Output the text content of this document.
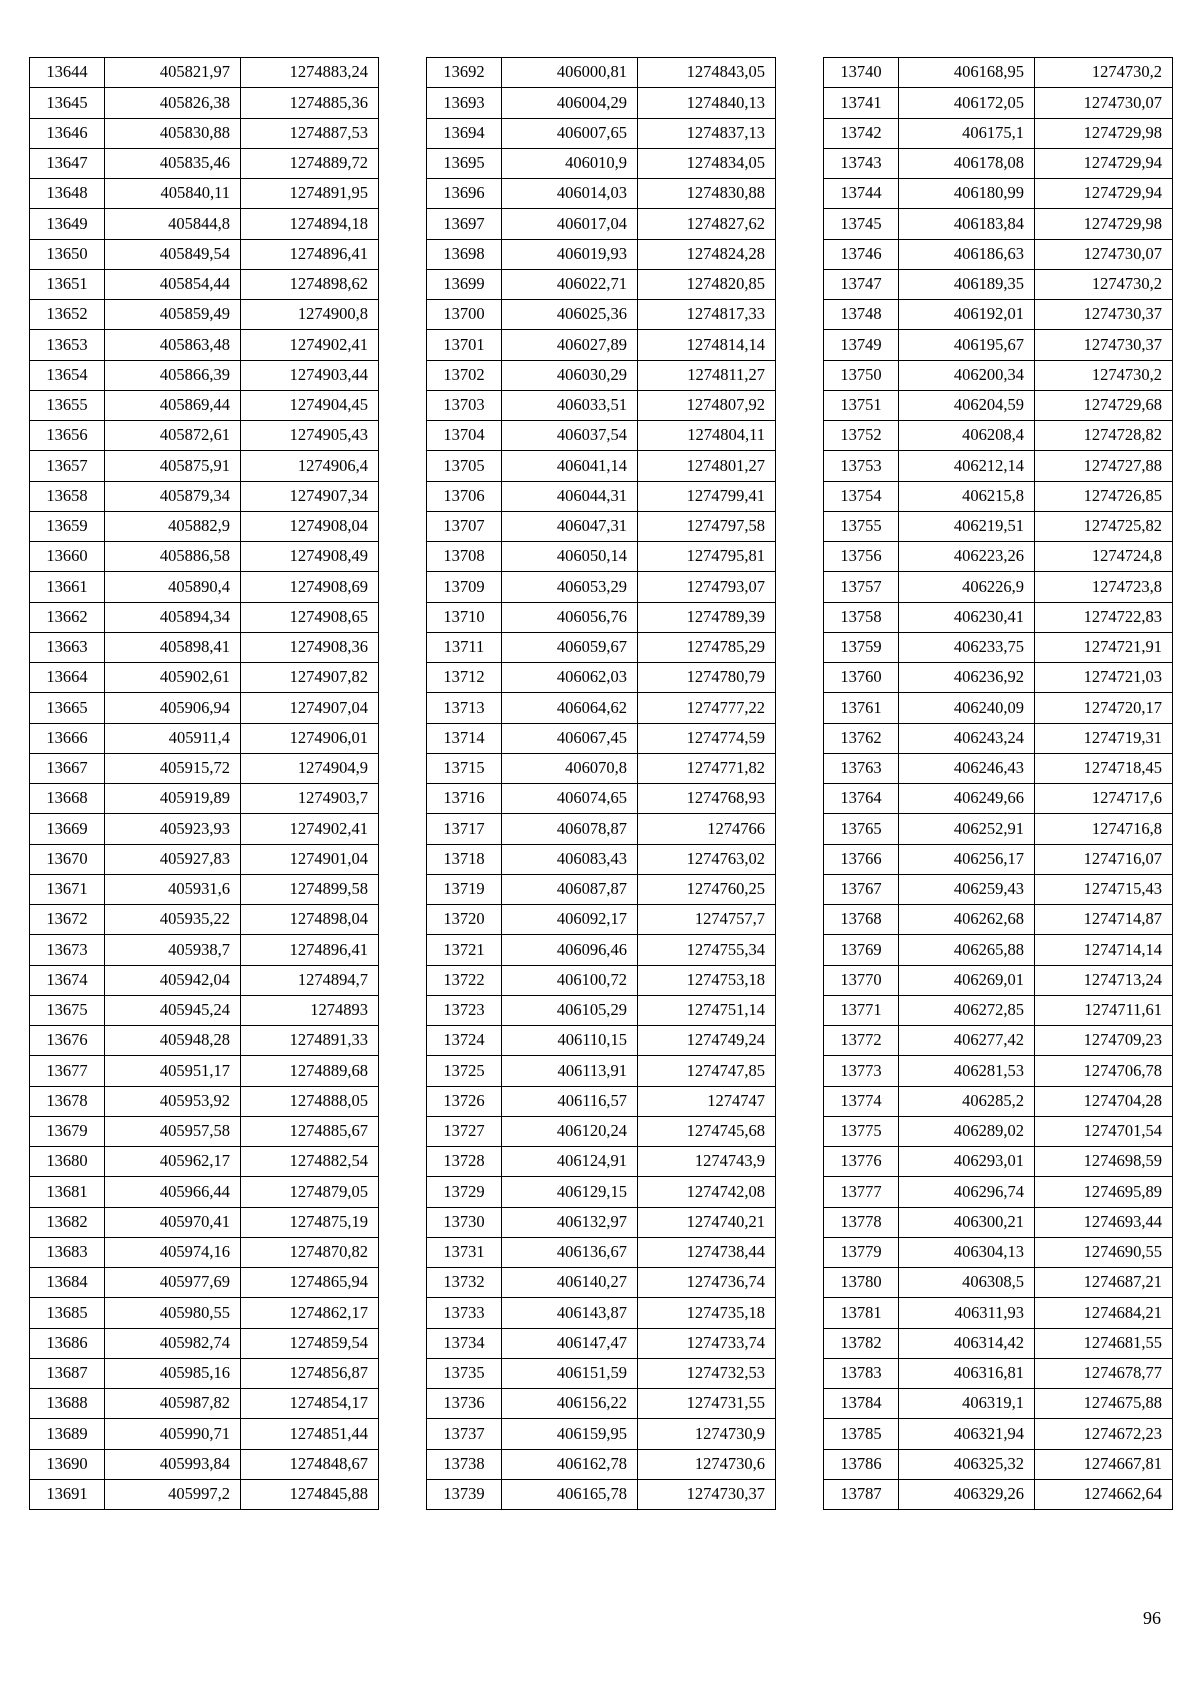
13644	405821,97	1274883,24
13645	405826,38	1274885,36
13646	405830,88	1274887,53
13647	405835,46	1274889,72
13648	405840,11	1274891,95
13649	405844,8	1274894,18
13650	405849,54	1274896,41
13651	405854,44	1274898,62
13652	405859,49	1274900,8
13653	405863,48	1274902,41
13654	405866,39	1274903,44
13655	405869,44	1274904,45
13656	405872,61	1274905,43
13657	405875,91	1274906,4
13658	405879,34	1274907,34
13659	405882,9	1274908,04
13660	405886,58	1274908,49
13661	405890,4	1274908,69
13662	405894,34	1274908,65
13663	405898,41	1274908,36
13664	405902,61	1274907,82
13665	405906,94	1274907,04
13666	405911,4	1274906,01
13667	405915,72	1274904,9
13668	405919,89	1274903,7
13669	405923,93	1274902,41
13670	405927,83	1274901,04
13671	405931,6	1274899,58
13672	405935,22	1274898,04
13673	405938,7	1274896,41
13674	405942,04	1274894,7
13675	405945,24	1274893
13676	405948,28	1274891,33
13677	405951,17	1274889,68
13678	405953,92	1274888,05
13679	405957,58	1274885,67
13680	405962,17	1274882,54
13681	405966,44	1274879,05
13682	405970,41	1274875,19
13683	405974,16	1274870,82
13684	405977,69	1274865,94
13685	405980,55	1274862,17
13686	405982,74	1274859,54
13687	405985,16	1274856,87
13688	405987,82	1274854,17
13689	405990,71	1274851,44
13690	405993,84	1274848,67
13691	405997,2	1274845,88
13692	406000,81	1274843,05
13693	406004,29	1274840,13
13694	406007,65	1274837,13
13695	406010,9	1274834,05
13696	406014,03	1274830,88
13697	406017,04	1274827,62
13698	406019,93	1274824,28
13699	406022,71	1274820,85
13700	406025,36	1274817,33
13701	406027,89	1274814,14
13702	406030,29	1274811,27
13703	406033,51	1274807,92
13704	406037,54	1274804,11
13705	406041,14	1274801,27
13706	406044,31	1274799,41
13707	406047,31	1274797,58
13708	406050,14	1274795,81
13709	406053,29	1274793,07
13710	406056,76	1274789,39
13711	406059,67	1274785,29
13712	406062,03	1274780,79
13713	406064,62	1274777,22
13714	406067,45	1274774,59
13715	406070,8	1274771,82
13716	406074,65	1274768,93
13717	406078,87	1274766
13718	406083,43	1274763,02
13719	406087,87	1274760,25
13720	406092,17	1274757,7
13721	406096,46	1274755,34
13722	406100,72	1274753,18
13723	406105,29	1274751,14
13724	406110,15	1274749,24
13725	406113,91	1274747,85
13726	406116,57	1274747
13727	406120,24	1274745,68
13728	406124,91	1274743,9
13729	406129,15	1274742,08
13730	406132,97	1274740,21
13731	406136,67	1274738,44
13732	406140,27	1274736,74
13733	406143,87	1274735,18
13734	406147,47	1274733,74
13735	406151,59	1274732,53
13736	406156,22	1274731,55
13737	406159,95	1274730,9
13738	406162,78	1274730,6
13739	406165,78	1274730,37
13740	406168,95	1274730,2
13741	406172,05	1274730,07
13742	406175,1	1274729,98
13743	406178,08	1274729,94
13744	406180,99	1274729,94
13745	406183,84	1274729,98
13746	406186,63	1274730,07
13747	406189,35	1274730,2
13748	406192,01	1274730,37
13749	406195,67	1274730,37
13750	406200,34	1274730,2
13751	406204,59	1274729,68
13752	406208,4	1274728,82
13753	406212,14	1274727,88
13754	406215,8	1274726,85
13755	406219,51	1274725,82
13756	406223,26	1274724,8
13757	406226,9	1274723,8
13758	406230,41	1274722,83
13759	406233,75	1274721,91
13760	406236,92	1274721,03
13761	406240,09	1274720,17
13762	406243,24	1274719,31
13763	406246,43	1274718,45
13764	406249,66	1274717,6
13765	406252,91	1274716,8
13766	406256,17	1274716,07
13767	406259,43	1274715,43
13768	406262,68	1274714,87
13769	406265,88	1274714,14
13770	406269,01	1274713,24
13771	406272,85	1274711,61
13772	406277,42	1274709,23
13773	406281,53	1274706,78
13774	406285,2	1274704,28
13775	406289,02	1274701,54
13776	406293,01	1274698,59
13777	406296,74	1274695,89
13778	406300,21	1274693,44
13779	406304,13	1274690,55
13780	406308,5	1274687,21
13781	406311,93	1274684,21
13782	406314,42	1274681,55
13783	406316,81	1274678,77
13784	406319,1	1274675,88
13785	406321,94	1274672,23
13786	406325,32	1274667,81
13787	406329,26	1274662,64
96
